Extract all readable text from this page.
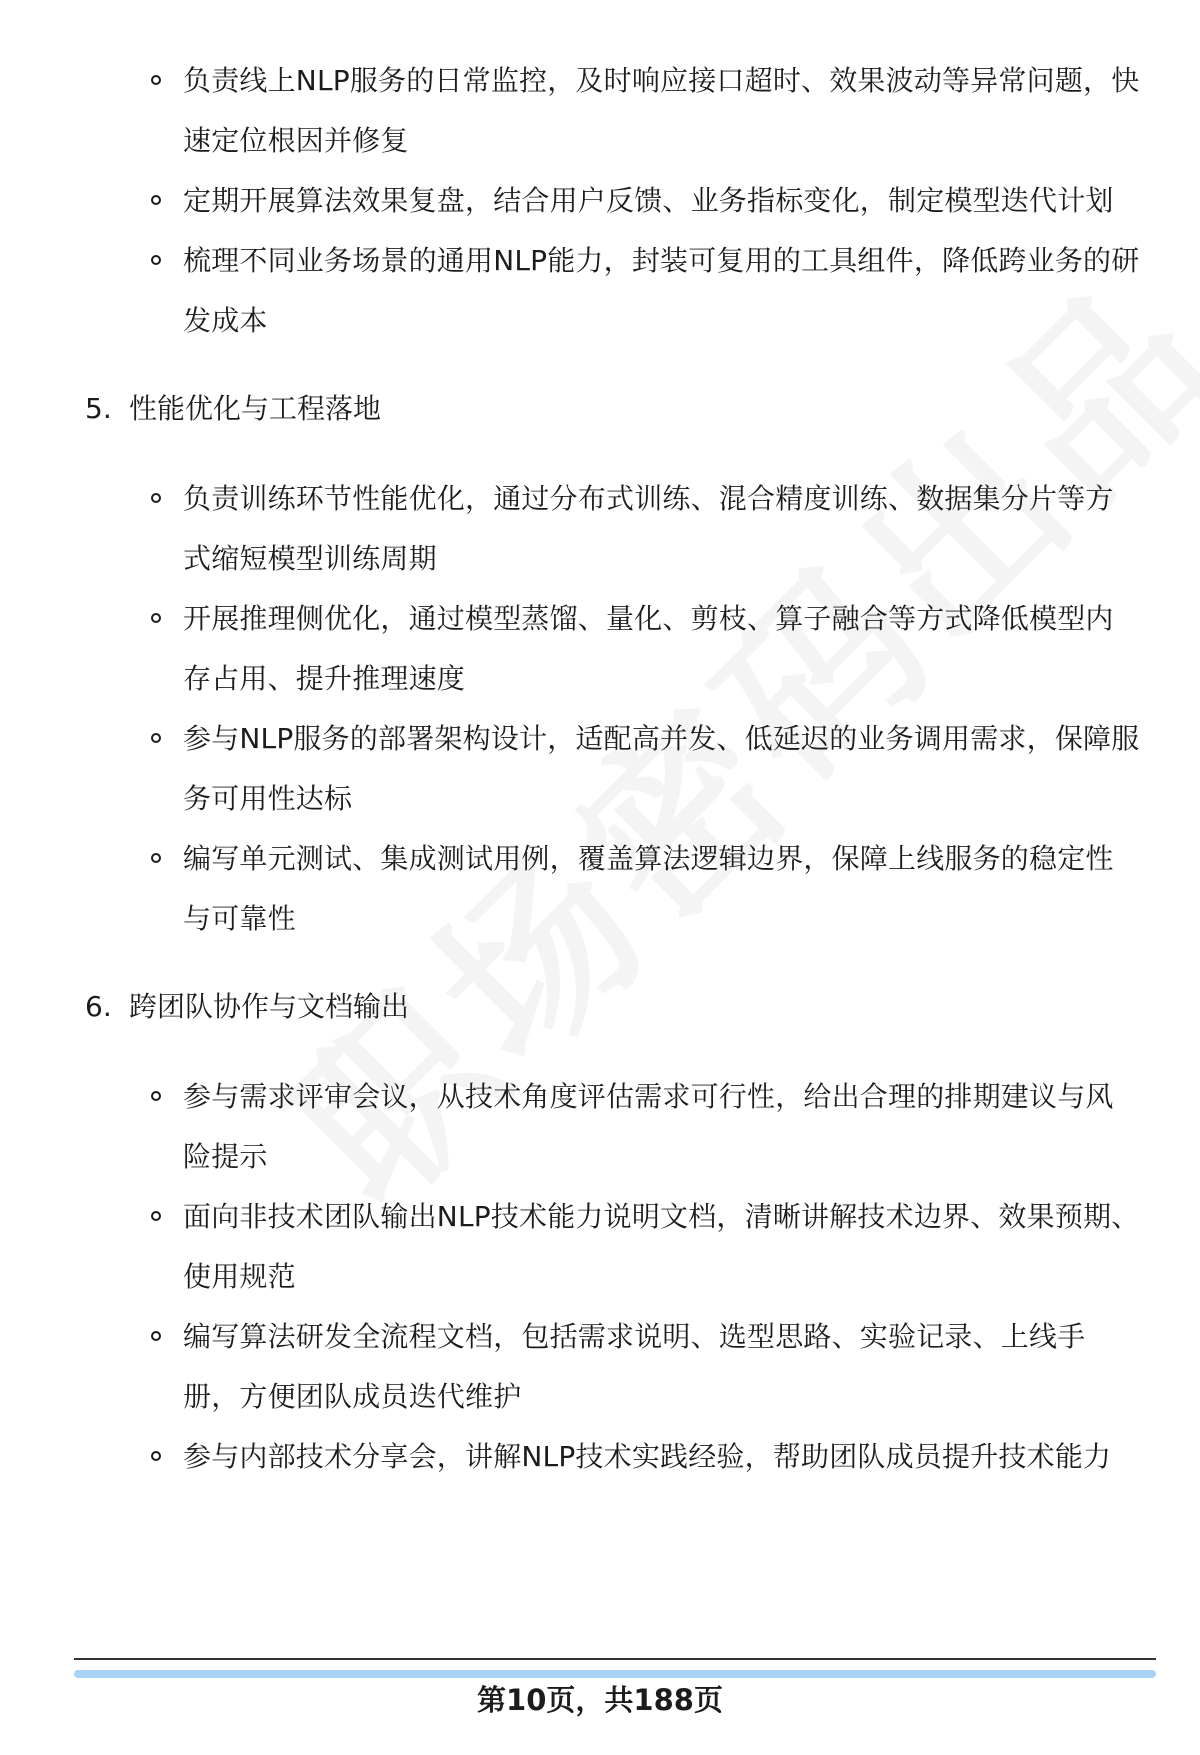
负责线上NLP服务的日常监控，及时响应接口超时、效果波动等异常问题，快速定位根因并修复
定期开展算法效果复盘，结合用户反馈、业务指标变化，制定模型迭代计划
梳理不同业务场景的通用NLP能力，封装可复用的工具组件，降低跨业务的研发成本
5. 性能优化与工程落地
负责训练环节性能优化，通过分布式训练、混合精度训练、数据集分片等方式缩短模型训练周期
开展推理侧优化，通过模型蒸馏、量化、剪枝、算子融合等方式降低模型内存占用、提升推理速度
参与NLP服务的部署架构设计，适配高并发、低延迟的业务调用需求，保障服务可用性达标
编写单元测试、集成测试用例，覆盖算法逻辑边界，保障上线服务的稳定性与可靠性
6. 跨团队协作与文档输出
参与需求评审会议，从技术角度评估需求可行性，给出合理的排期建议与风险提示
面向非技术团队输出NLP技术能力说明文档，清晰讲解技术边界、效果预期、使用规范
编写算法研发全流程文档，包括需求说明、选型思路、实验记录、上线手册，方便团队成员迭代维护
参与内部技术分享会，讲解NLP技术实践经验，帮助团队成员提升技术能力
第10页，共188页
